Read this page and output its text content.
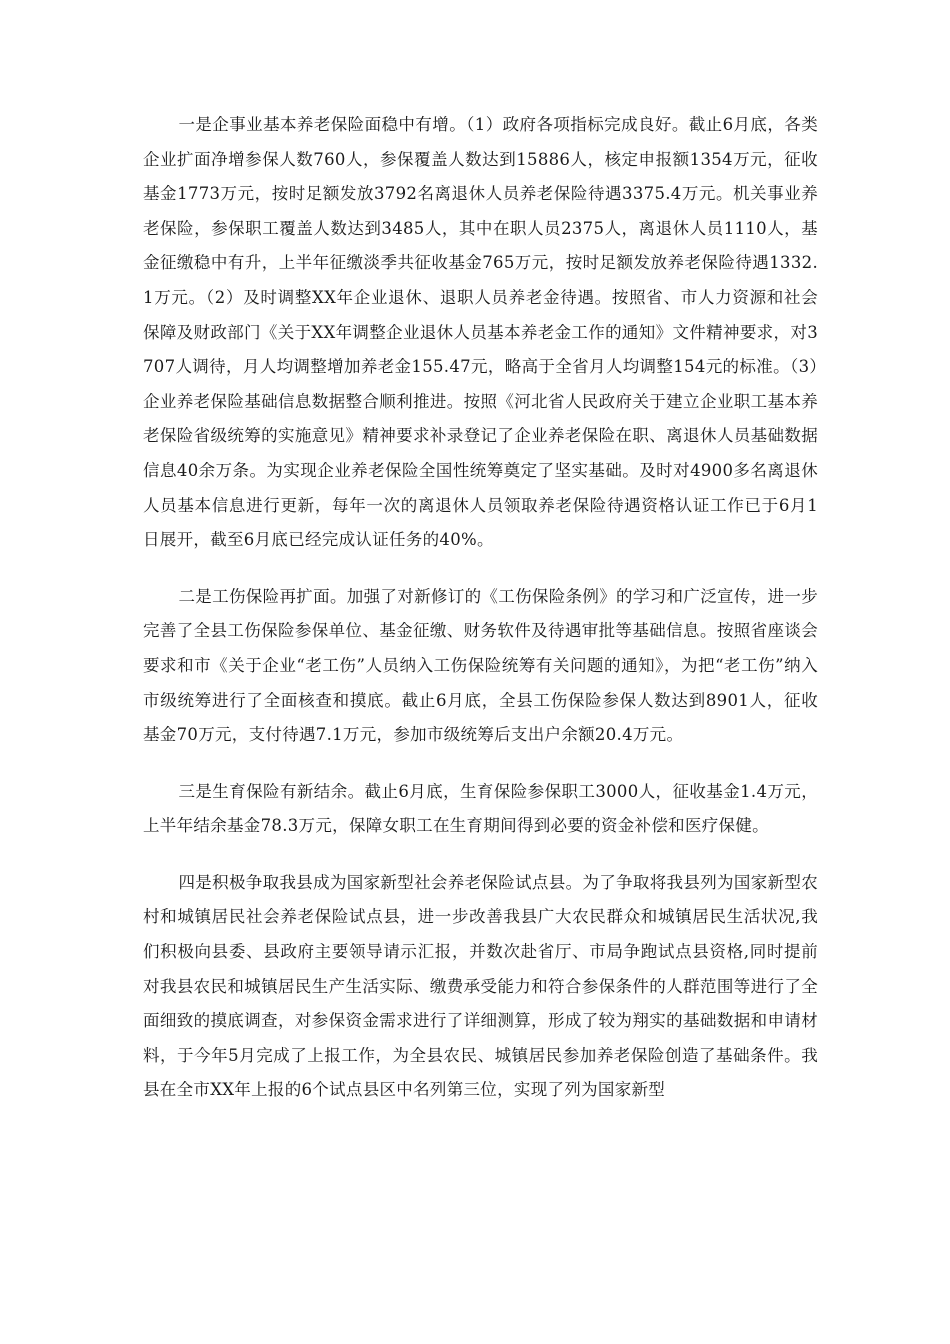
一是企事业基本养老保险面稳中有增。（1）政府各项指标完成良好。截止6月底，各类企业扩面净增参保人数760人，参保覆盖人数达到15886人，核定申报额1354万元，征收基金1773万元，按时足额发放3792名离退休人员养老保险待遇3375.4万元。机关事业养老保险，参保职工覆盖人数达到3485人，其中在职人员2375人，离退休人员1110人，基金征缴稳中有升，上半年征缴淡季共征收基金765万元，按时足额发放养老保险待遇1332.1万元。（2）及时调整XX年企业退休、退职人员养老金待遇。按照省、市人力资源和社会保障及财政部门《关于XX年调整企业退休人员基本养老金工作的通知》文件精神要求，对3707人调待，月人均调整增加养老金155.47元，略高于全省月人均调整154元的标准。（3）企业养老保险基础信息数据整合顺利推进。按照《河北省人民政府关于建立企业职工基本养老保险省级统筹的实施意见》精神要求补录登记了企业养老保险在职、离退休人员基础数据信息40余万条。为实现企业养老保险全国性统筹奠定了坚实基础。及时对4900多名离退休人员基本信息进行更新，每年一次的离退休人员领取养老保险待遇资格认证工作已于6月1日展开，截至6月底已经完成认证任务的40%。

二是工伤保险再扩面。加强了对新修订的《工伤保险条例》的学习和广泛宣传，进一步完善了全县工伤保险参保单位、基金征缴、财务软件及待遇审批等基础信息。按照省座谈会要求和市《关于企业“老工伤”人员纳入工伤保险统筹有关问题的通知》，为把“老工伤”纳入市级统筹进行了全面核查和摸底。截止6月底，全县工伤保险参保人数达到8901人，征收基金70万元，支付待遇7.1万元，参加市级统筹后支出户余额20.4万元。

三是生育保险有新结余。截止6月底，生育保险参保职工3000人，征收基金1.4万元，上半年结余基金78.3万元，保障女职工在生育期间得到必要的资金补偿和医疗保健。

四是积极争取我县成为国家新型社会养老保险试点县。为了争取将我县列为国家新型农村和城镇居民社会养老保险试点县，进一步改善我县广大农民群众和城镇居民生活状况,我们积极向县委、县政府主要领导请示汇报，并数次赴省厅、市局争跑试点县资格,同时提前对我县农民和城镇居民生产生活实际、缴费承受能力和符合参保条件的人群范围等进行了全面细致的摸底调查，对参保资金需求进行了详细测算，形成了较为翔实的基础数据和申请材料，于今年5月完成了上报工作，为全县农民、城镇居民参加养老保险创造了基础条件。我县在全市XX年上报的6个试点县区中名列第三位，实现了列为国家新型
